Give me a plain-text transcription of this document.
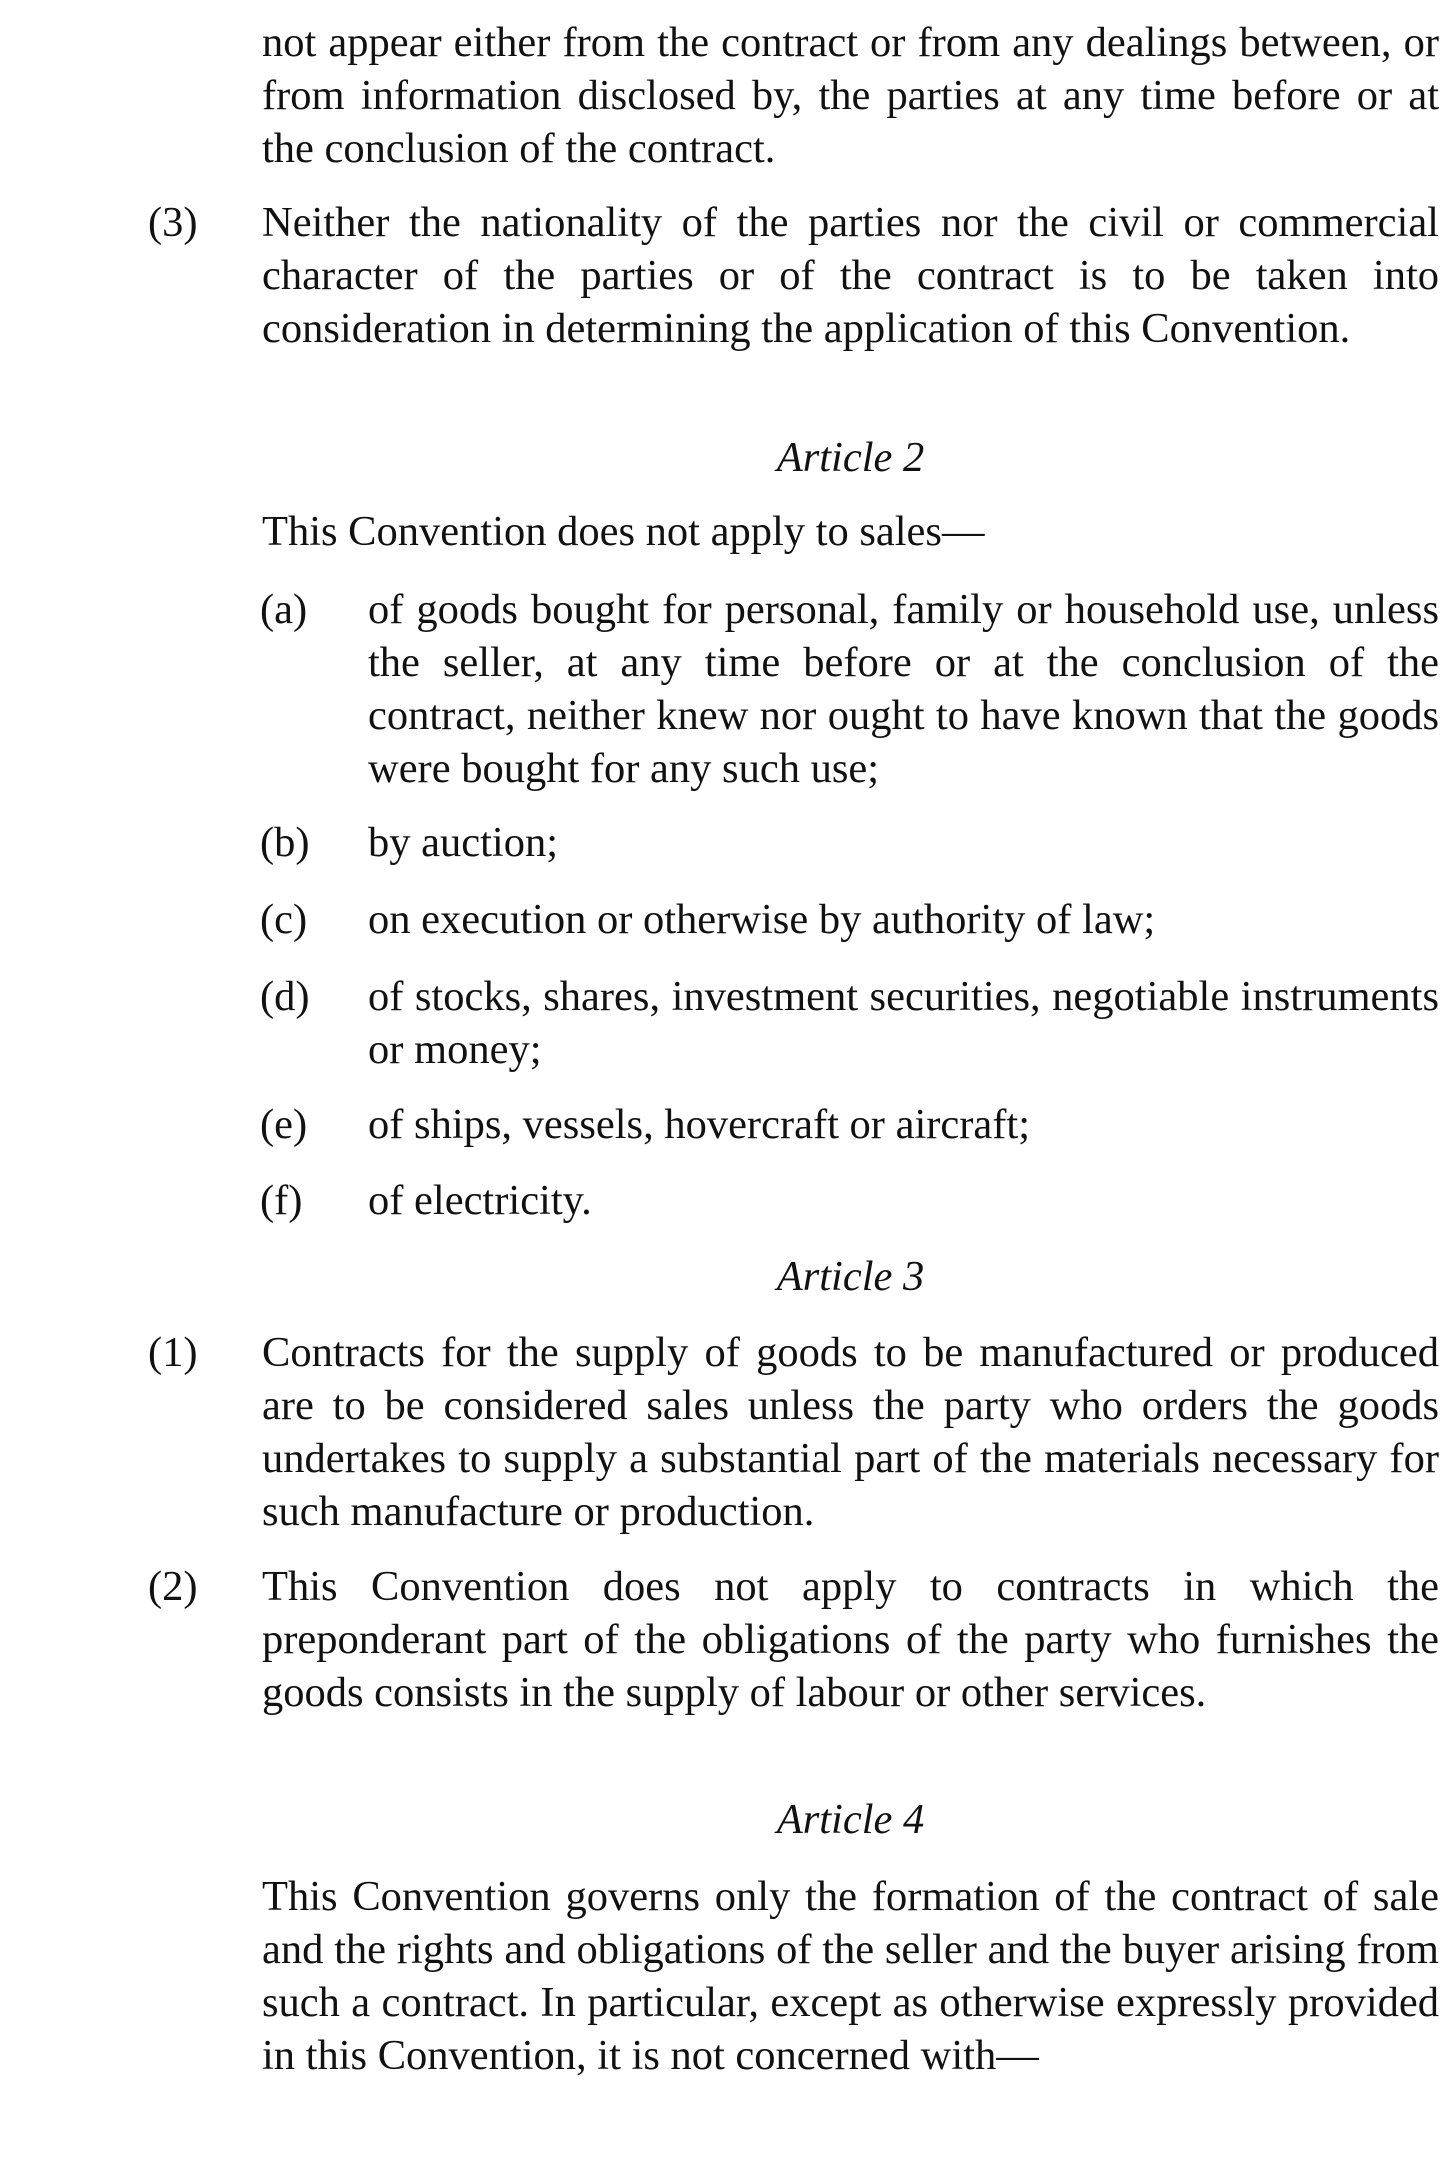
not appear either from the contract or from any dealings between, or from information disclosed by, the parties at any time before or at the conclusion of the contract.
(3) Neither the nationality of the parties nor the civil or commercial character of the parties or of the contract is to be taken into consideration in determining the application of this Convention.
Article 2
This Convention does not apply to sales—
(a) of goods bought for personal, family or household use, unless the seller, at any time before or at the conclusion of the contract, neither knew nor ought to have known that the goods were bought for any such use;
(b) by auction;
(c) on execution or otherwise by authority of law;
(d) of stocks, shares, investment securities, negotiable instruments or money;
(e) of ships, vessels, hovercraft or aircraft;
(f) of electricity.
Article 3
(1) Contracts for the supply of goods to be manufactured or produced are to be considered sales unless the party who orders the goods undertakes to supply a substantial part of the materials necessary for such manufacture or production.
(2) This Convention does not apply to contracts in which the preponderant part of the obligations of the party who furnishes the goods consists in the supply of labour or other services.
Article 4
This Convention governs only the formation of the contract of sale and the rights and obligations of the seller and the buyer arising from such a contract. In particular, except as otherwise expressly provided in this Convention, it is not concerned with—
